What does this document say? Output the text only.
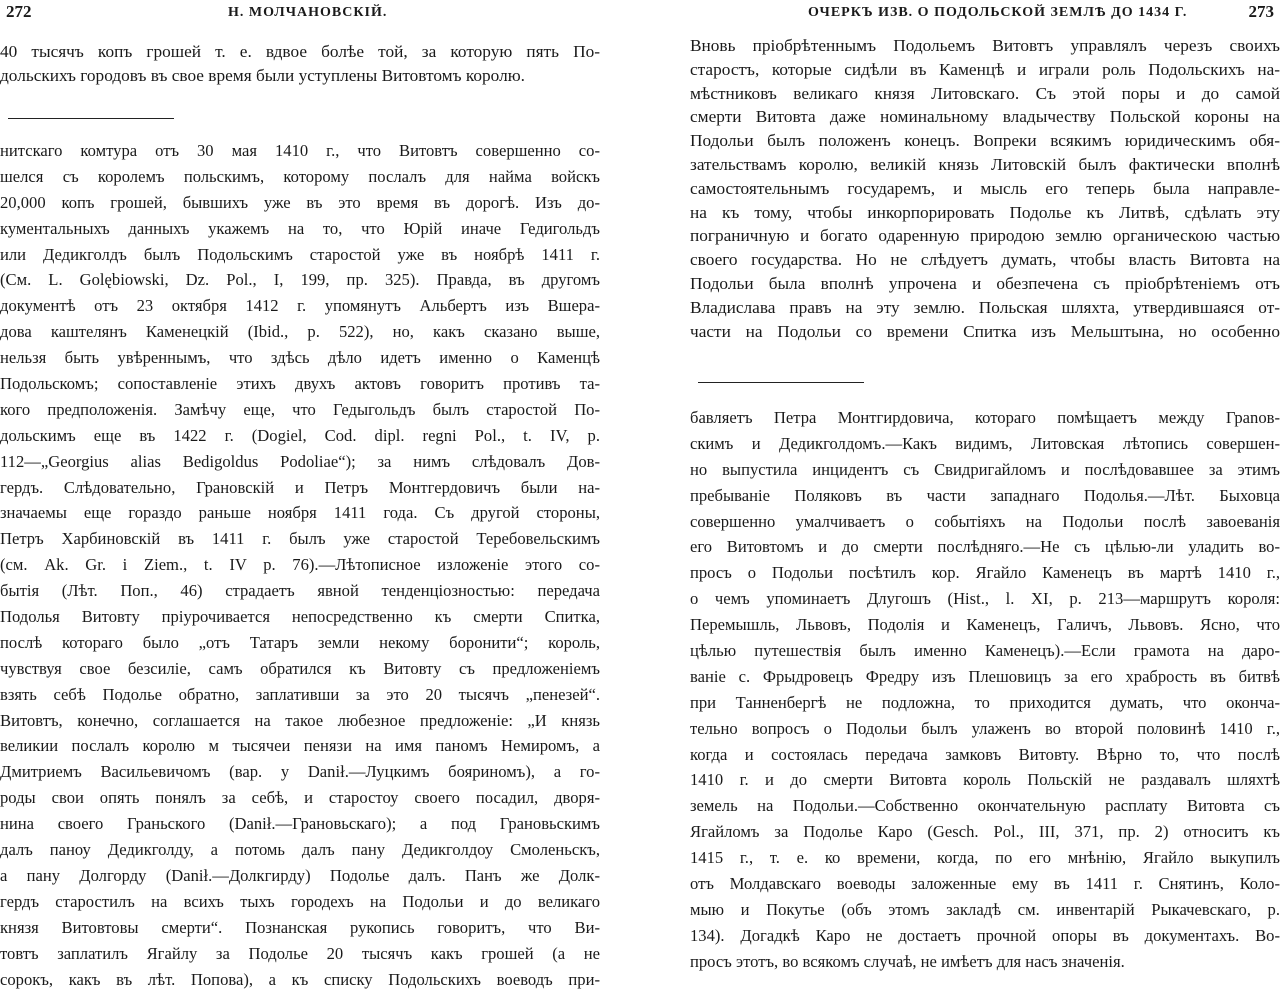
272	Н. МОЛЧАНОВСКІЙ.
40 тысячъ копъ грошей т. е. вдвое болѣе той, за которую пять По-
дольскихъ городовъ въ свое время были уступлены Витовтомъ королю.
нитскаго комтура отъ 30 мая 1410 г., что Витовтъ совершенно со-
шелся съ королемъ польскимъ, которому послалъ для найма войскъ
20,000 копъ грошей, бывшихъ уже въ это время въ дорогѣ. Изъ до-
кументальныхъ данныхъ укажемъ на то, что Юрій иначе Гедигольдъ
или Дедикголдъ былъ Подольскимъ старостой уже въ ноябрѣ 1411 г.
(См. L. Golębiowski, Dz. Pol., I, 199, пр. 325). Правда, въ другомъ
документѣ отъ 23 октября 1412 г. упомянутъ Альбертъ изъ Вшера-
дова каштелянъ Каменецкій (Ibid., p. 522), но, какъ сказано выше,
нельзя быть увѣреннымъ, что здѣсь дѣло идетъ именно о Каменцѣ
Подольскомъ; сопоставленіе этихъ двухъ актовъ говоритъ противъ та-
кого предположенія. Замѣчу еще, что Гедыгольдъ былъ старостой По-
дольскимъ еще въ 1422 г. (Dogiel, Cod. dipl. regni Pol., t. IV, p.
112—„Georgius alias Bedigoldus Podoliae“); за нимъ слѣдовалъ Дов-
гердъ. Слѣдовательно, Грановскій и Петръ Монтгердовичъ были на-
значаемы еще гораздо раньше ноября 1411 года. Съ другой стороны,
Петръ Харбиновскій въ 1411 г. былъ уже старостой Теребовельскимъ
(см. Ak. Gr. i Ziem., t. IV p. 76).—Лѣтописное изложеніе этого со-
бытія (Лѣт. Поп., 46) страдаетъ явной тенденціозностью: передача
Подолья Витовту пріурочивается непосредственно къ смерти Спитка,
послѣ котораго было „отъ Татаръ земли некому боронити“; король,
чувствуя свое безсиліе, самъ обратился къ Витовту съ предложеніемъ
взять себѣ Подолье обратно, заплативши за это 20 тысячъ „пенезей“.
Витовтъ, конечно, соглашается на такое любезное предложеніе: „И князь
великии послалъ королю м тысячеи пенязи на имя паномъ Немиромъ, а
Дмитриемъ Васильевичомъ (вар. у Danił.—Луцкимъ бояриномъ), а го-
роды свои опять понялъ за себѣ, и старостоу своего посадил, дворя-
нина своего Граньского (Danił.—Грановьскаго); а под Грановьскимъ
далъ паноу Дедикголду, а потомь далъ пану Дедикголдоу Смоленьскъ,
а пану Долгорду (Danił.—Долкгирду) Подолье далъ. Панъ же Долк-
гердъ старостилъ на всихъ тыхъ городехъ на Подольи и до великаго
князя Витовтовы смерти“. Познанская рукопись говоритъ, что Ви-
товтъ заплатилъ Ягайлу за Подолье 20 тысячъ какъ грошей (а не
сорокъ, какъ въ лѣт. Попова), а къ списку Подольскихъ воеводъ при-
ОЧЕРКЪ ИЗВ. О ПОДОЛЬСКОЙ ЗЕМЛѢ ДО 1434 Г.	273
Вновь пріобрѣтеннымъ Подольемъ Витовтъ управлялъ черезъ своихъ
старостъ, которые сидѣли въ Каменцѣ и играли роль Подольскихъ на-
мѣстниковъ великаго князя Литовскаго. Съ этой поры и до самой
смерти Витовта даже номинальному владычеству Польской короны на
Подольи былъ положенъ конецъ. Вопреки всякимъ юридическимъ обя-
зательствамъ королю, великій князь Литовскій былъ фактически вполнѣ
самостоятельнымъ государемъ, и мысль его теперь была направле-
на къ тому, чтобы инкорпорировать Подолье къ Литвѣ, сдѣлать эту
пограничную и богато одаренную природою землю органическою частью
своего государства. Но не слѣдуетъ думать, чтобы власть Витовта на
Подольи была вполнѣ упрочена и обезпечена съ пріобрѣтеніемъ отъ
Владислава правъ на эту землю. Польская шляхта, утвердившаяся от-
части на Подольи со времени Спитка изъ Мельштына, но особенно
бавляетъ Петра Монтгирдовича, котораго помѣщаетъ между Грanов-
скимъ и Дедикголдомъ.—Какъ видимъ, Литовская лѣтопись совершен-
но выпустила инцидентъ съ Свидригайломъ и послѣдовавшее за этимъ
пребываніе Поляковъ въ части западнаго Подолья.—Лѣт. Быховца
совершенно умалчиваетъ о событіяхъ на Подольи послѣ завоеванія
его Витовтомъ и до смерти послѣдняго.—Не съ цѣлью-ли уладить во-
просъ о Подольи посѣтилъ кор. Ягайло Каменецъ въ мартѣ 1410 г.,
о чемъ упоминаетъ Длугошъ (Hist., l. XI, p. 213—маршрутъ короля:
Перемышль, Львовъ, Подолія и Каменецъ, Галичъ, Львовъ. Ясно, что
цѣлью путешествія былъ именно Каменецъ).—Если грамота на даро-
ваніе с. Фрыдровецъ Фредру изъ Плешовицъ за его храбрость въ битвѣ
при Танненбергѣ не подложна, то приходится думать, что оконча-
тельно вопросъ о Подольи былъ улаженъ во второй половинѣ 1410 г.,
когда и состоялась передача замковъ Витовту. Вѣрно то, что послѣ
1410 г. и до смерти Витовта король Польскій не раздавалъ шляхтѣ
земель на Подольи.—Собственно окончательную расплату Витовта съ
Ягайломъ за Подолье Каро (Gesch. Pol., III, 371, пр. 2) относитъ къ
1415 г., т. е. ко времени, когда, по его мнѣнію, Ягайло выкупилъ
отъ Молдавскаго воеводы заложенные ему въ 1411 г. Снятинъ, Коло-
мыю и Покутье (объ этомъ закладѣ см. инвентарій Рыкачевскаго, р.
134). Догадкѣ Каро не достаетъ прочной опоры въ документахъ. Во-
просъ этотъ, во всякомъ случаѣ, не имѣетъ для насъ значенія.
